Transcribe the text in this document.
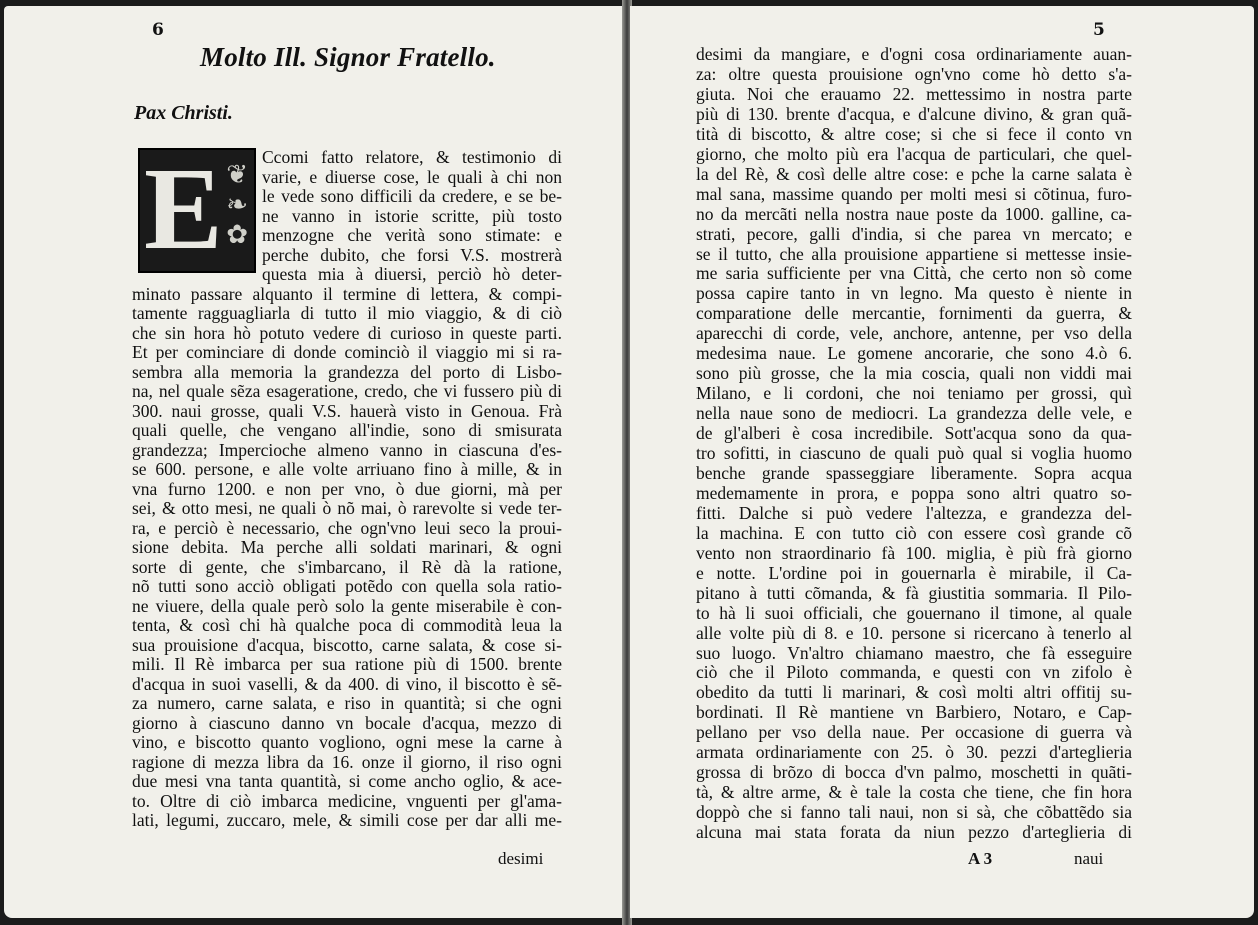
6
Molto Ill. Signor Fratello.
Pax Christi.
E ❦
❧
✿
Ccomi fatto relatore, & testimonio di
varie, e diuerse cose, le quali à chi non
le vede sono difficili da credere, e se be-
ne vanno in istorie scritte, più tosto
menzogne che verità sono stimate: e
perche dubito, che forsi V.S. mostrerà
questa mia à diuersi, perciò hò deter-
minato passare alquanto il termine di lettera, & compi-
tamente ragguagliarla di tutto il mio viaggio, & di ciò
che sin hora hò potuto vedere di curioso in queste parti.
Et per cominciare di donde cominciò il viaggio mi si ra-
sembra alla memoria la grandezza del porto di Lisbo-
na, nel quale sẽza esageratione, credo, che vi fussero più di
300. naui grosse, quali V.S. hauerà visto in Genoua. Frà
quali quelle, che vengano all'indie, sono di smisurata
grandezza; Impercioche almeno vanno in ciascuna d'es-
se 600. persone, e alle volte arriuano fino à mille, & in
vna furno 1200. e non per vno, ò due giorni, mà per
sei, & otto mesi, ne quali ò nõ mai, ò rarevolte si vede ter-
ra, e perciò è necessario, che ogn'vno leui seco la proui-
sione debita. Ma perche alli soldati marinari, & ogni
sorte di gente, che s'imbarcano, il Rè dà la ratione,
nõ tutti sono acciò obligati potẽdo con quella sola ratio-
ne viuere, della quale però solo la gente miserabile è con-
tenta, & così chi hà qualche poca di commodità leua la
sua prouisione d'acqua, biscotto, carne salata, & cose si-
mili. Il Rè imbarca per sua ratione più di 1500. brente
d'acqua in suoi vaselli, & da 400. di vino, il biscotto è sẽ-
za numero, carne salata, e riso in quantità; si che ogni
giorno à ciascuno danno vn bocale d'acqua, mezzo di
vino, e biscotto quanto vogliono, ogni mese la carne à
ragione di mezza libra da 16. onze il giorno, il riso ogni
due mesi vna tanta quantità, si come ancho oglio, & ace-
to. Oltre di ciò imbarca medicine, vnguenti per gl'ama-
lati, legumi, zuccaro, mele, & simili cose per dar alli me-
desimi
5
desimi da mangiare, e d'ogni cosa ordinariamente auan-
za: oltre questa prouisione ogn'vno come hò detto s'a-
giuta. Noi che erauamo 22. mettessimo in nostra parte
più di 130. brente d'acqua, e d'alcune divino, & gran quã-
tità di biscotto, & altre cose; si che si fece il conto vn
giorno, che molto più era l'acqua de particulari, che quel-
la del Rè, & così delle altre cose: e pche la carne salata è
mal sana, massime quando per molti mesi si cõtinua, furo-
no da mercãti nella nostra naue poste da 1000. galline, ca-
strati, pecore, galli d'india, si che parea vn mercato; e
se il tutto, che alla prouisione appartiene si mettesse insie-
me saria sufficiente per vna Città, che certo non sò come
possa capire tanto in vn legno. Ma questo è niente in
comparatione delle mercantie, fornimenti da guerra, &
aparecchi di corde, vele, anchore, antenne, per vso della
medesima naue. Le gomene ancorarie, che sono 4.ò 6.
sono più grosse, che la mia coscia, quali non viddi mai
Milano, e li cordoni, che noi teniamo per grossi, quì
nella naue sono de mediocri. La grandezza delle vele, e
de gl'alberi è cosa incredibile. Sott'acqua sono da qua-
tro sofitti, in ciascuno de quali può qual si voglia huomo
benche grande spasseggiare liberamente. Sopra acqua
medemamente in prora, e poppa sono altri quatro so-
fitti. Dalche si può vedere l'altezza, e grandezza del-
la machina. E con tutto ciò con essere così grande cõ
vento non straordinario fà 100. miglia, è più frà giorno
e notte. L'ordine poi in gouernarla è mirabile, il Ca-
pitano à tutti cõmanda, & fà giustitia sommaria. Il Pilo-
to hà li suoi officiali, che gouernano il timone, al quale
alle volte più di 8. e 10. persone si ricercano à tenerlo al
suo luogo. Vn'altro chiamano maestro, che fà esseguire
ciò che il Piloto commanda, e questi con vn zifolo è
obedito da tutti li marinari, & così molti altri offitij su-
bordinati. Il Rè mantiene vn Barbiero, Notaro, e Cap-
pellano per vso della naue. Per occasione di guerra và
armata ordinariamente con 25. ò 30. pezzi d'arteglieria
grossa di brõzo di bocca d'vn palmo, moschetti in quãti-
tà, & altre arme, & è tale la costa che tiene, che fin hora
doppò che si fanno tali naui, non si sà, che cõbattẽdo sia
alcuna mai stata forata da niun pezzo d'arteglieria di
A 3	naui
